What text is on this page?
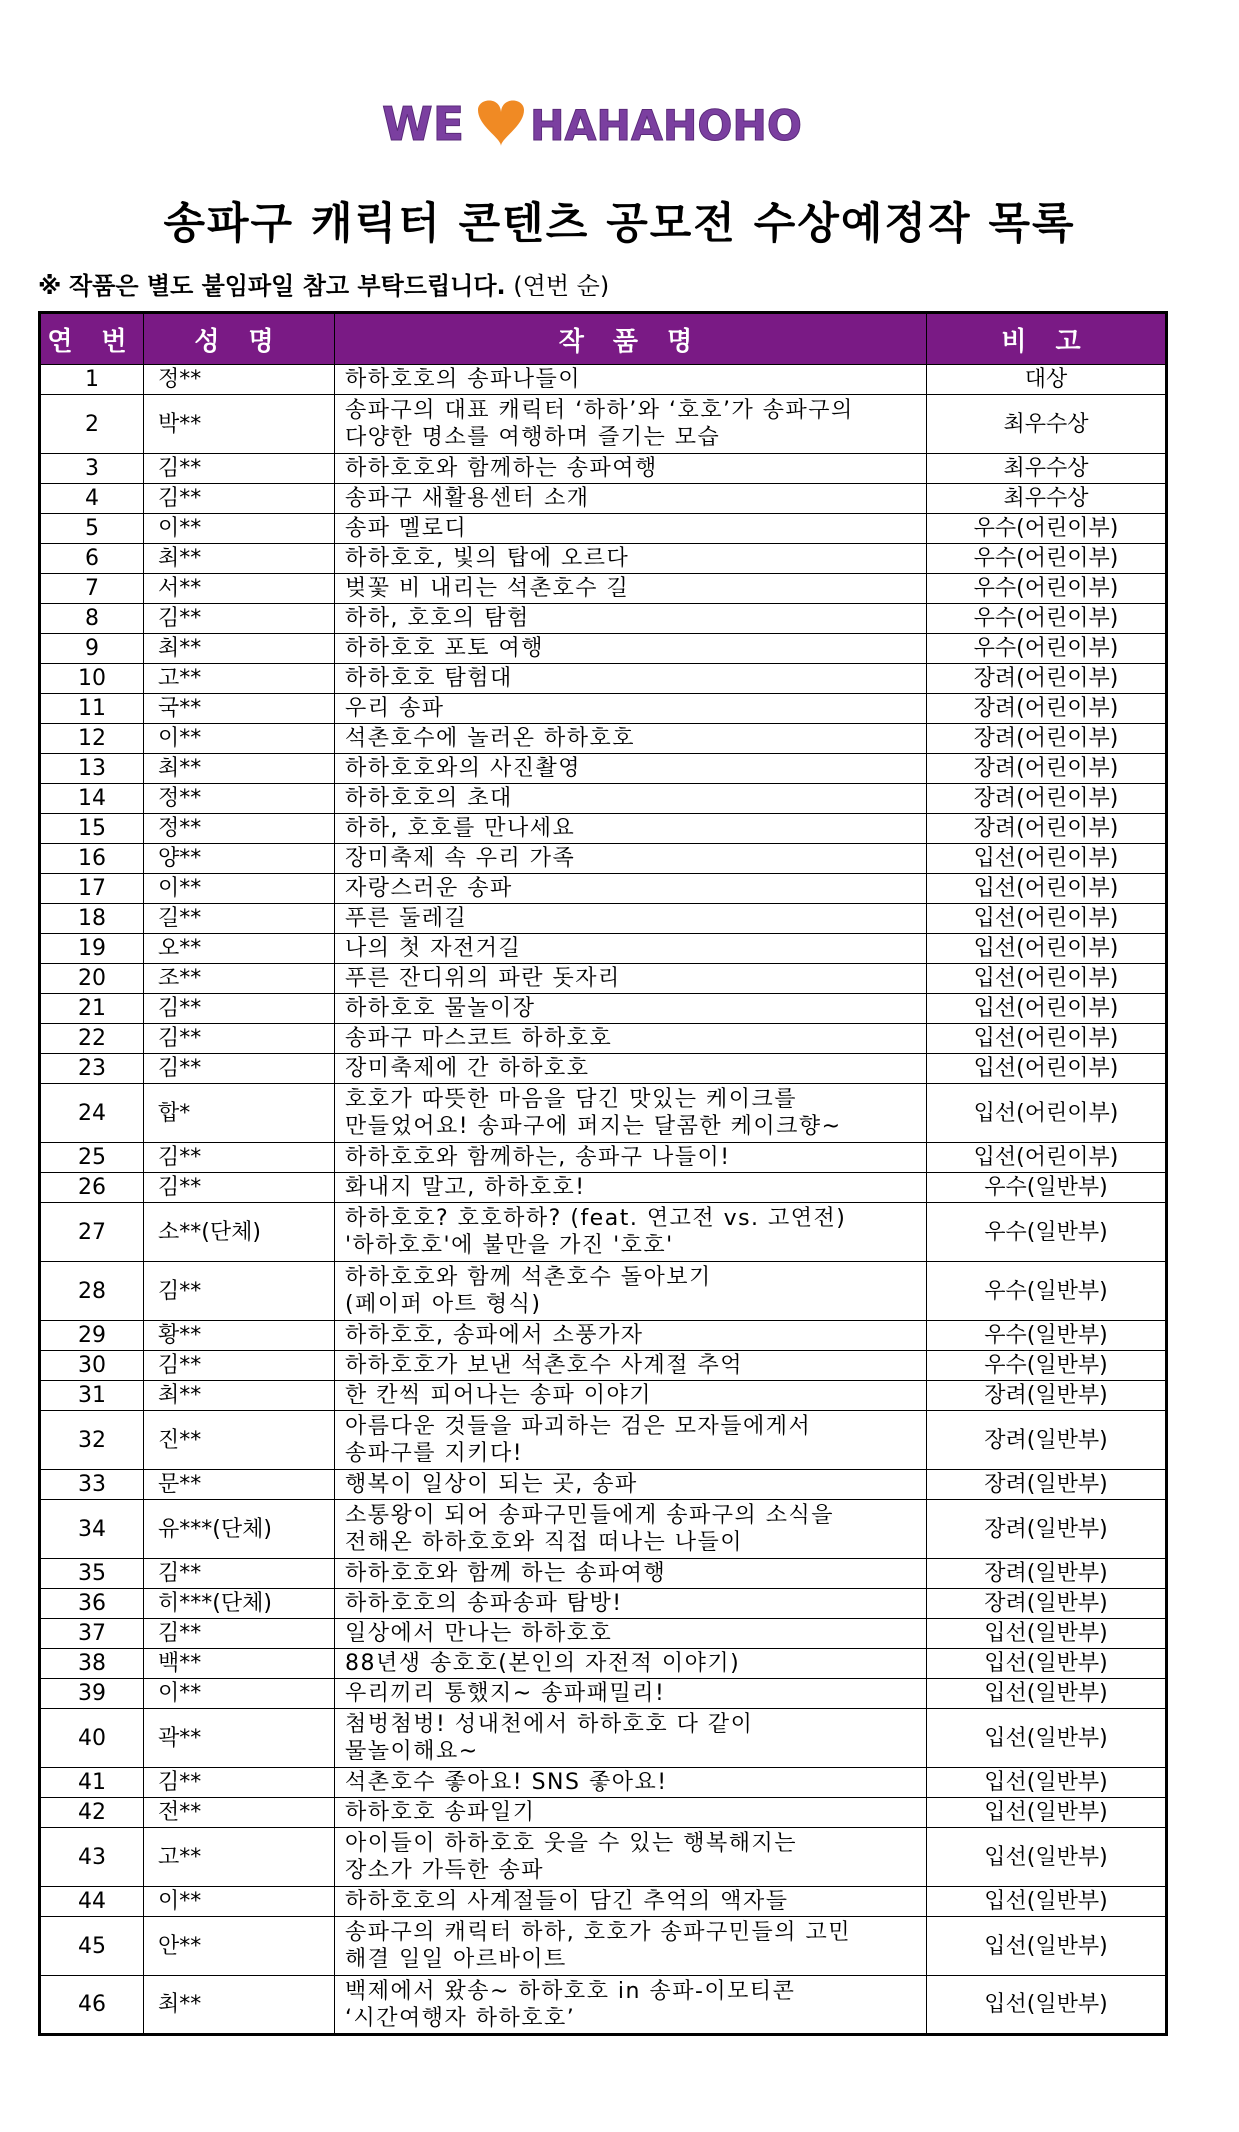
WE HAHAHOHO
송파구 캐릭터 콘텐츠 공모전 수상예정작 목록
※ 작품은 별도 붙임파일 참고 부탁드립니다. (연번 순)
연 번	성 명	작 품 명	비 고
1	정**	하하호호의 송파나들이	대상
2	박**	송파구의 대표 캐릭터 ‘하하’와 ‘호호’가 송파구의
다양한 명소를 여행하며 즐기는 모습	최우수상
3	김**	하하호호와 함께하는 송파여행	최우수상
4	김**	송파구 새활용센터 소개	최우수상
5	이**	송파 멜로디	우수(어린이부)
6	최**	하하호호, 빛의 탑에 오르다	우수(어린이부)
7	서**	벚꽃 비 내리는 석촌호수 길	우수(어린이부)
8	김**	하하, 호호의 탐험	우수(어린이부)
9	최**	하하호호 포토 여행	우수(어린이부)
10	고**	하하호호 탐험대	장려(어린이부)
11	국**	우리 송파	장려(어린이부)
12	이**	석촌호수에 놀러온 하하호호	장려(어린이부)
13	최**	하하호호와의 사진촬영	장려(어린이부)
14	정**	하하호호의 초대	장려(어린이부)
15	정**	하하, 호호를 만나세요	장려(어린이부)
16	양**	장미축제 속 우리 가족	입선(어린이부)
17	이**	자랑스러운 송파	입선(어린이부)
18	길**	푸른 둘레길	입선(어린이부)
19	오**	나의 첫 자전거길	입선(어린이부)
20	조**	푸른 잔디위의 파란 돗자리	입선(어린이부)
21	김**	하하호호 물놀이장	입선(어린이부)
22	김**	송파구 마스코트 하하호호	입선(어린이부)
23	김**	장미축제에 간 하하호호	입선(어린이부)
24	합*	호호가 따뜻한 마음을 담긴 맛있는 케이크를
만들었어요! 송파구에 퍼지는 달콤한 케이크향~	입선(어린이부)
25	김**	하하호호와 함께하는, 송파구 나들이!	입선(어린이부)
26	김**	화내지 말고, 하하호호!	우수(일반부)
27	소**(단체)	하하호호? 호호하하? (feat. 연고전 vs. 고연전)
'하하호호'에 불만을 가진 '호호'	우수(일반부)
28	김**	하하호호와 함께 석촌호수 돌아보기
(페이퍼 아트 형식)	우수(일반부)
29	황**	하하호호, 송파에서 소풍가자	우수(일반부)
30	김**	하하호호가 보낸 석촌호수 사계절 추억	우수(일반부)
31	최**	한 칸씩 피어나는 송파 이야기	장려(일반부)
32	진**	아름다운 것들을 파괴하는 검은 모자들에게서
송파구를 지키다!	장려(일반부)
33	문**	행복이 일상이 되는 곳, 송파	장려(일반부)
34	유***(단체)	소통왕이 되어 송파구민들에게 송파구의 소식을
전해온 하하호호와 직접 떠나는 나들이	장려(일반부)
35	김**	하하호호와 함께 하는 송파여행	장려(일반부)
36	히***(단체)	하하호호의 송파송파 탐방!	장려(일반부)
37	김**	일상에서 만나는 하하호호	입선(일반부)
38	백**	88년생 송호호(본인의 자전적 이야기)	입선(일반부)
39	이**	우리끼리 통했지~ 송파패밀리!	입선(일반부)
40	곽**	첨벙첨벙! 성내천에서 하하호호 다 같이
물놀이해요~	입선(일반부)
41	김**	석촌호수 좋아요! SNS 좋아요!	입선(일반부)
42	전**	하하호호 송파일기	입선(일반부)
43	고**	아이들이 하하호호 웃을 수 있는 행복해지는
장소가 가득한 송파	입선(일반부)
44	이**	하하호호의 사계절들이 담긴 추억의 액자들	입선(일반부)
45	안**	송파구의 캐릭터 하하, 호호가 송파구민들의 고민
해결 일일 아르바이트	입선(일반부)
46	최**	백제에서 왔송~ 하하호호 in 송파-이모티콘
‘시간여행자 하하호호’	입선(일반부)
